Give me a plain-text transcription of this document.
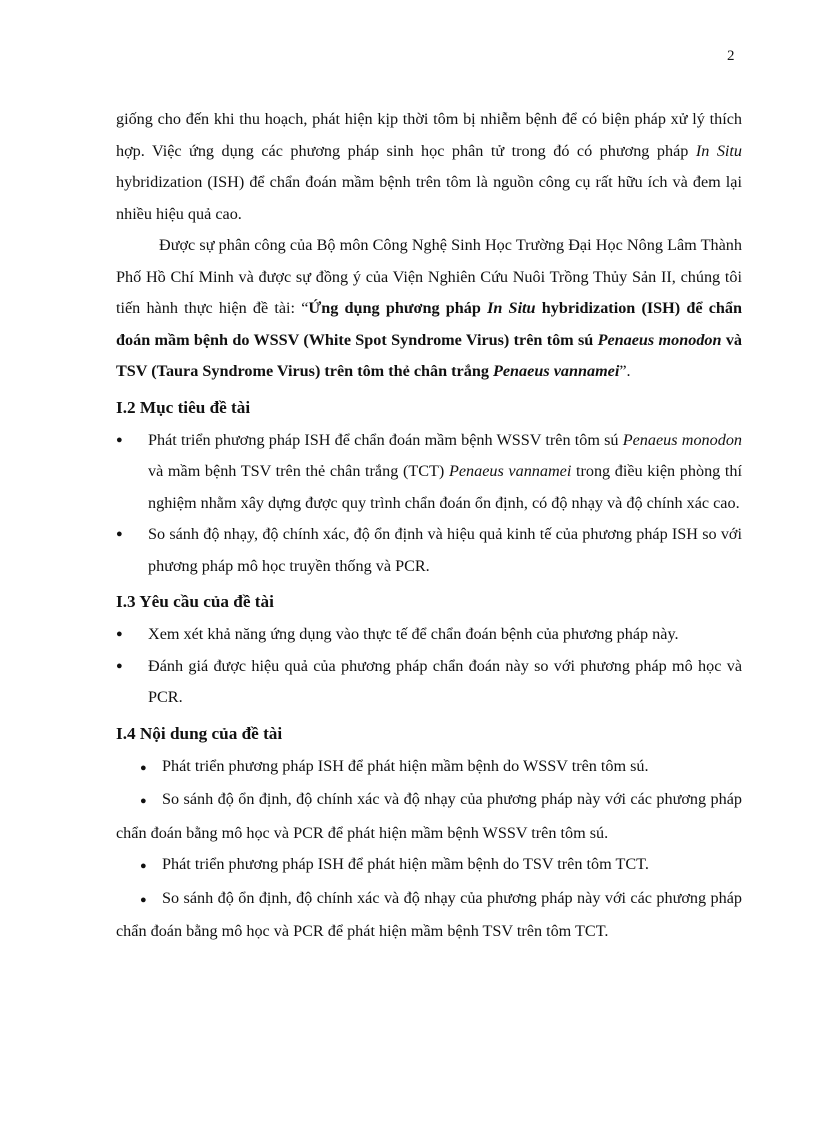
2

giống cho đến khi thu hoạch, phát hiện kịp thời tôm bị nhiễm bệnh để có biện pháp xử lý thích hợp. Việc ứng dụng các phương pháp sinh học phân tử trong đó có phương pháp In Situ hybridization (ISH) để chẩn đoán mầm bệnh trên tôm là nguồn công cụ rất hữu ích và đem lại nhiều hiệu quả cao.

Được sự phân công của Bộ môn Công Nghệ Sinh Học Trường Đại Học Nông Lâm Thành Phố Hồ Chí Minh và được sự đồng ý của Viện Nghiên Cứu Nuôi Trồng Thủy Sản II, chúng tôi tiến hành thực hiện đề tài: “Ứng dụng phương pháp In Situ hybridization (ISH) để chẩn đoán mầm bệnh do WSSV (White Spot Syndrome Virus) trên tôm sú Penaeus monodon và TSV (Taura Syndrome Virus) trên tôm thẻ chân trắng Penaeus vannamei”.

I.2 Mục tiêu đề tài
●	Phát triển phương pháp ISH để chẩn đoán mầm bệnh WSSV trên tôm sú Penaeus monodon và mầm bệnh TSV trên thẻ chân trắng (TCT) Penaeus vannamei trong điều kiện phòng thí nghiệm nhằm xây dựng được quy trình chẩn đoán ổn định, có độ nhạy và độ chính xác cao.
●	So sánh độ nhạy, độ chính xác, độ ổn định và hiệu quả kinh tế của phương pháp ISH so với phương pháp mô học truyền thống và PCR.
I.3 Yêu cầu của đề tài
●	Xem xét khả năng ứng dụng vào thực tế để chẩn đoán bệnh của phương pháp này.
●	Đánh giá được hiệu quả của phương pháp chẩn đoán này so với phương pháp mô học và PCR.
I.4 Nội dung của đề tài

● Phát triển phương pháp ISH để phát hiện mầm bệnh do WSSV trên tôm sú.

● So sánh độ ổn định, độ chính xác và độ nhạy của phương pháp này với các phương pháp chẩn đoán bằng mô học và PCR để phát hiện mầm bệnh WSSV trên tôm sú.

● Phát triển phương pháp ISH để phát hiện mầm bệnh do TSV trên tôm TCT.

● So sánh độ ổn định, độ chính xác và độ nhạy của phương pháp này với các phương pháp chẩn đoán bằng mô học và PCR để phát hiện mầm bệnh TSV trên tôm TCT.
